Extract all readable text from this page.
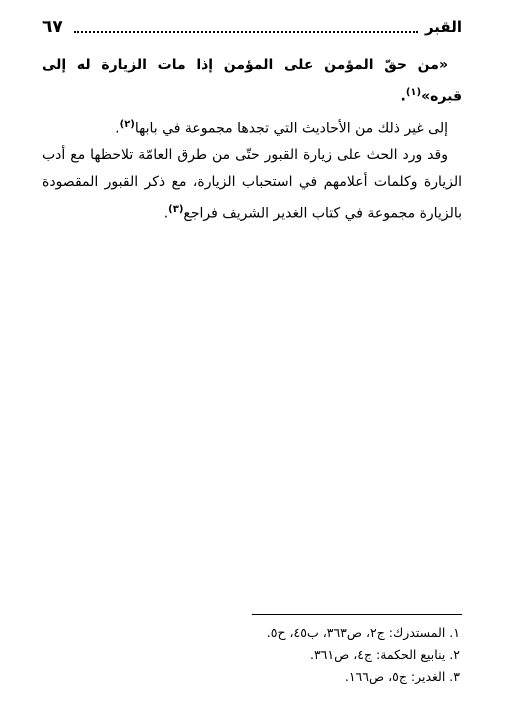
القبر
٦٧

«من حقّ المؤمن على المؤمن إذا مات الزيارة له إلى قبره»$^{(١)}$.

إلى غير ذلك من الأحاديث التي تجدها مجموعة في بابها$^{(٢)}$.

وقد ورد الحث على زيارة القبور حتّى من طرق العامّة تلاحظها مع أدب الزيارة وكلمات أعلامهم في استحباب الزيارة، مع ذكر القبور المقصودة بالزيارة مجموعة في كتاب الغدير الشريف فراجع$^{(٣)}$.

١. المستدرك: ج٢، ص٣٦٣، ب٤٥، ح٥.

٢. ينابيع الحكمة: ج٤، ص٣٦١.

٣. الغدير: ج٥، ص١٦٦.
